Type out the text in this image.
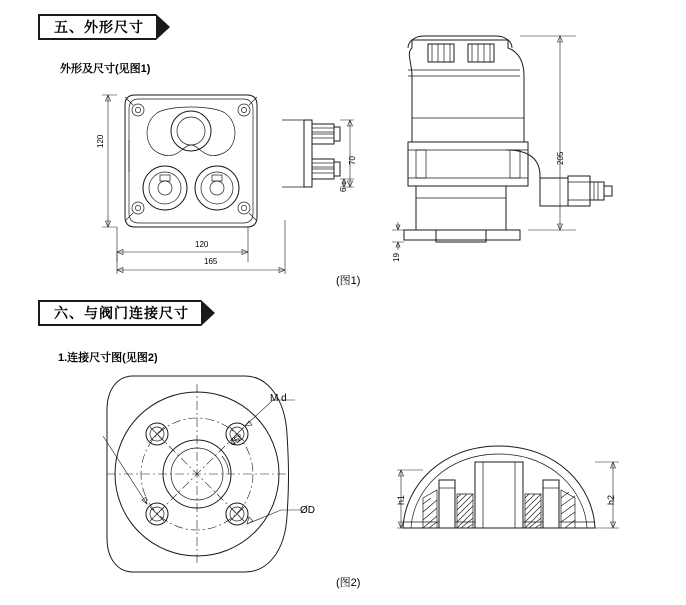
五、外形尺寸
外形及尺寸(见图1)
120
120
165
70
6
205
19
(图1)
六、与阀门连接尺寸
1.连接尺寸图(见图2)
M d
45°
ØD
h1	h2
(图2)
